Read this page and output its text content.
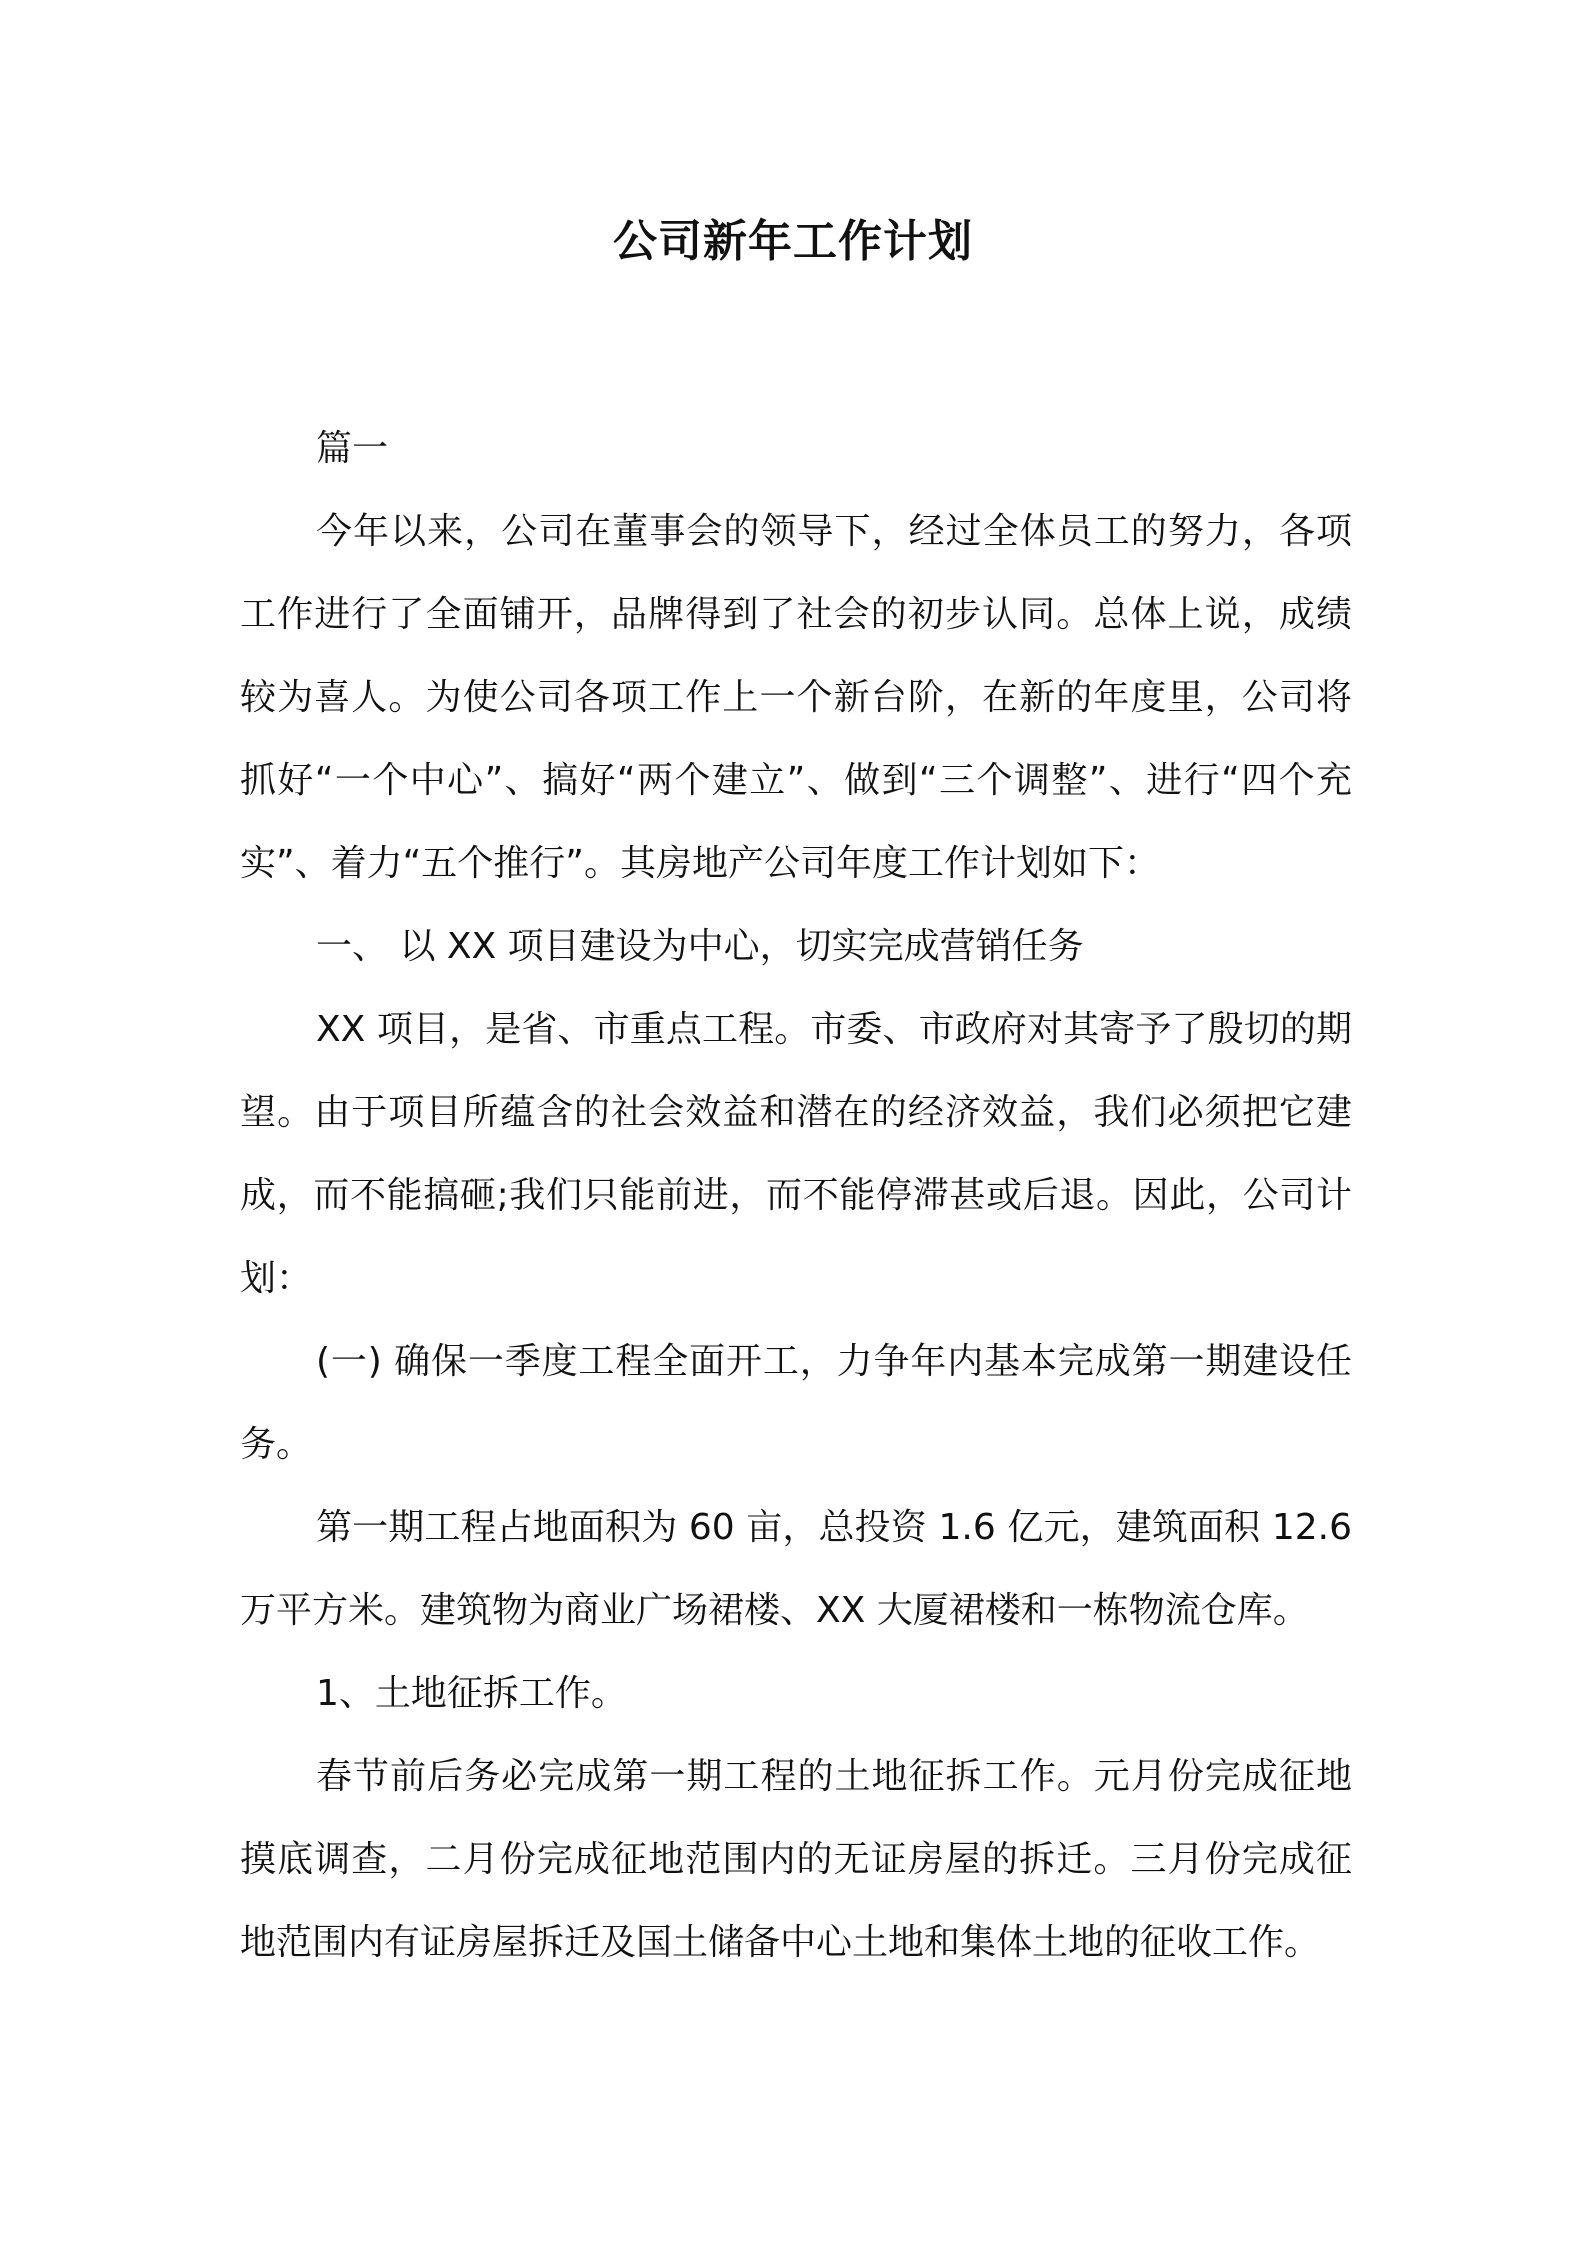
公司新年工作计划

篇一

今年以来，公司在董事会的领导下，经过全体员工的努力，各项工作进行了全面铺开，品牌得到了社会的初步认同。总体上说，成绩较为喜人。为使公司各项工作上一个新台阶，在新的年度里，公司将抓好“一个中心”、搞好“两个建立”、做到“三个调整”、进行“四个充实”、着力“五个推行”。其房地产公司年度工作计划如下：

一、 以 XX 项目建设为中心，切实完成营销任务

XX 项目，是省、市重点工程。市委、市政府对其寄予了殷切的期望。由于项目所蕴含的社会效益和潜在的经济效益，我们必须把它建成，而不能搞砸;我们只能前进，而不能停滞甚或后退。因此，公司计划：

(一) 确保一季度工程全面开工，力争年内基本完成第一期建设任务。

第一期工程占地面积为 60 亩，总投资 1.6 亿元，建筑面积 12.6 万平方米。建筑物为商业广场裙楼、XX 大厦裙楼和一栋物流仓库。

1、土地征拆工作。

春节前后务必完成第一期工程的土地征拆工作。元月份完成征地摸底调查，二月份完成征地范围内的无证房屋的拆迁。三月份完成征地范围内有证房屋拆迁及国土储备中心土地和集体土地的征收工作。
